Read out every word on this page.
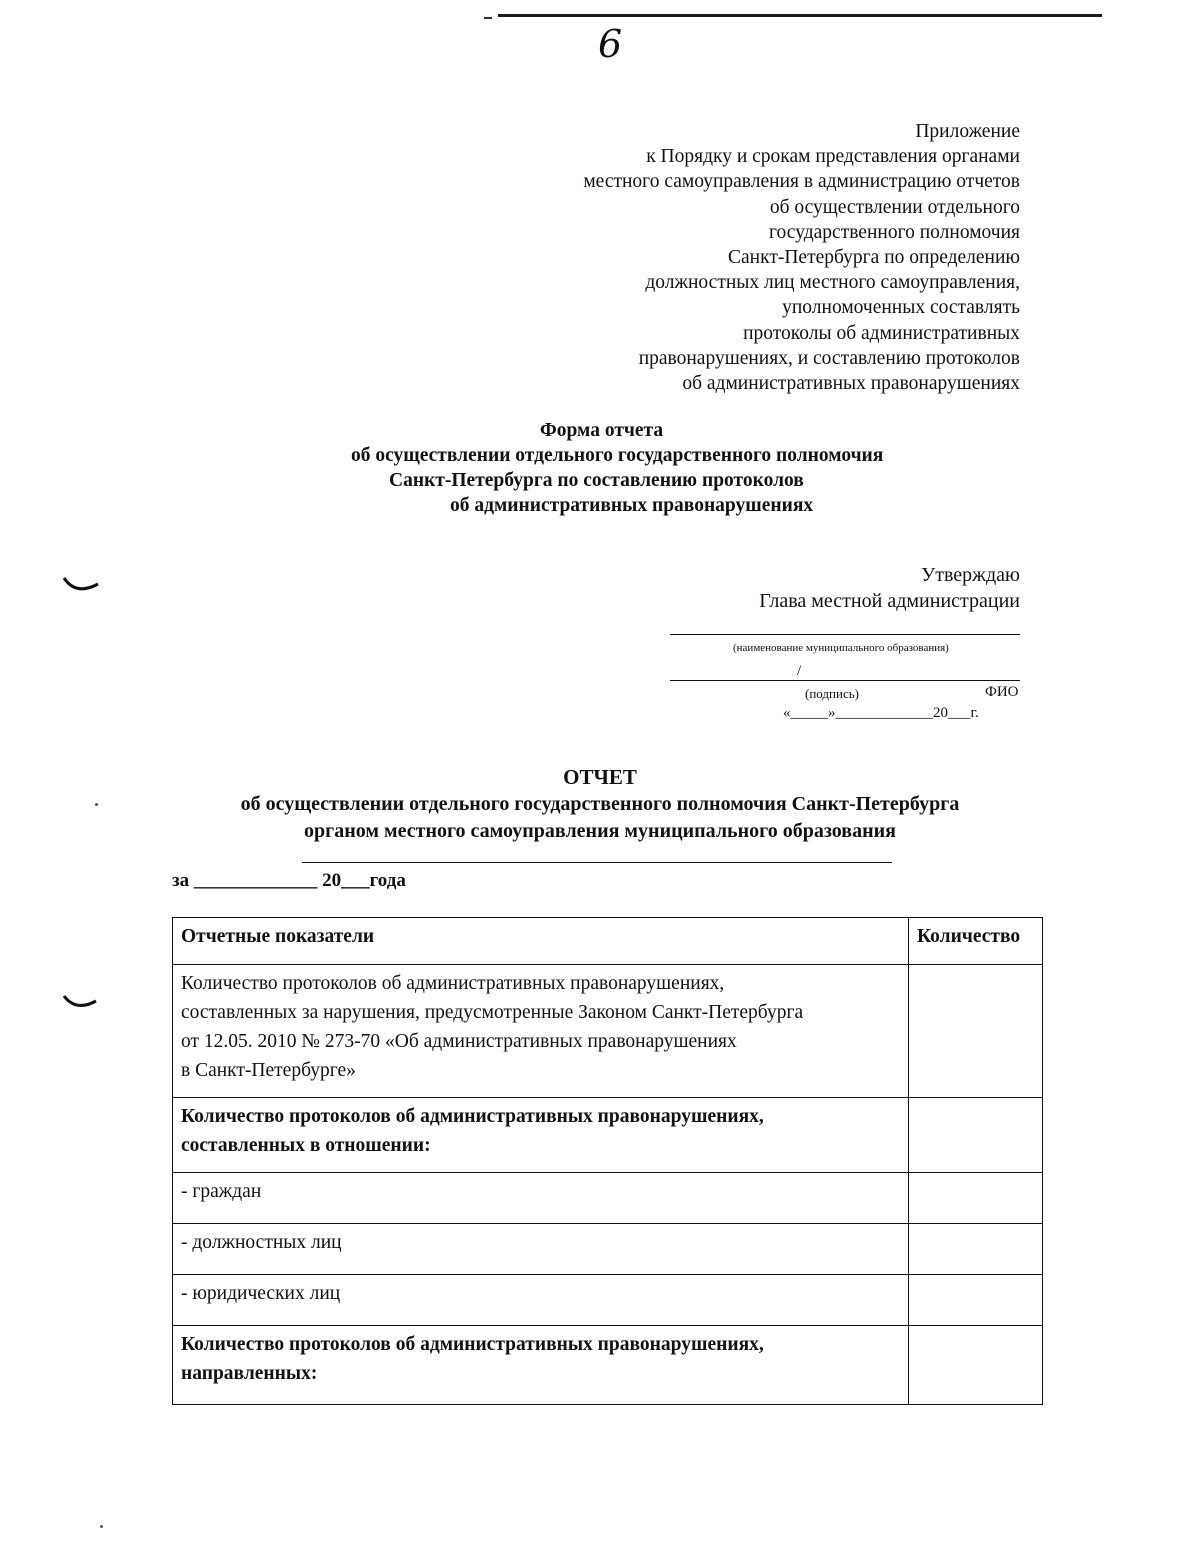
6
Приложение
к Порядку и срокам представления органами
местного самоуправления в администрацию отчетов
об осуществлении отдельного
государственного полномочия
Санкт-Петербурга по определению
должностных лиц местного самоуправления,
уполномоченных составлять
протоколы об административных
правонарушениях, и составлению протоколов
об административных правонарушениях
Форма отчета
об осуществлении отдельного государственного полномочия
Санкт-Петербурга по составлению протоколов
об административных правонарушениях
Утверждаю
Глава местной администрации
(наименование муниципального образования)
/
(подпись)	ФИО
«_____»_____________20___г.
ОТЧЕТ
об осуществлении отдельного государственного полномочия Санкт-Петербурга
органом местного самоуправления муниципального образования
за _____________ 20___года
Отчетные показатели	Количество

Количество протоколов об административных правонарушениях,
составленных за нарушения, предусмотренные Законом Санкт-Петербурга
от 12.05. 2010 № 273-70 «Об административных правонарушениях
в Санкт-Петербурге»	

Количество протоколов об административных правонарушениях,
составленных в отношении:	

- граждан	
- должностных лиц	
- юридических лиц	

Количество протоколов об административных правонарушениях,
направленных:	
